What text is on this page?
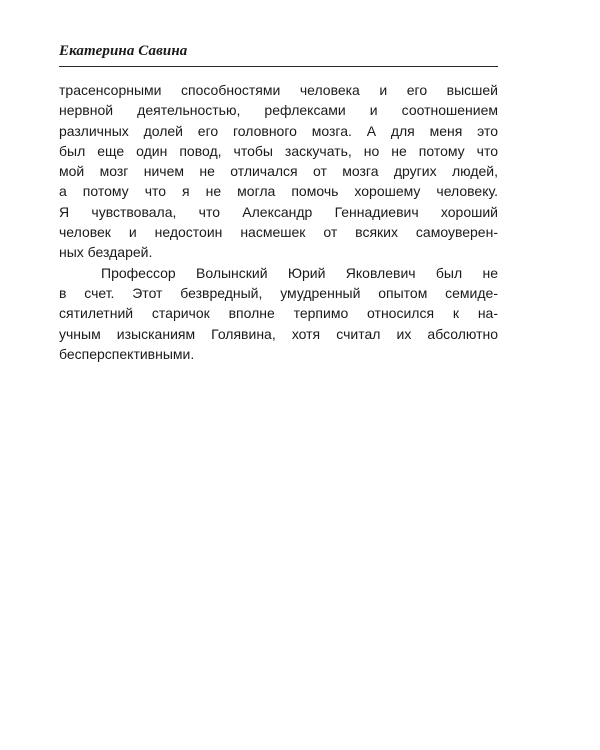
Екатерина Савина
трасенсорными способностями человека и его высшей
нервной деятельностью, рефлексами и соотношением
различных долей его головного мозга. А для меня это
был еще один повод, чтобы заскучать, но не потому что
мой мозг ничем не отличался от мозга других людей,
а потому что я не могла помочь хорошему человеку.
Я чувствовала, что Александр Геннадиевич хороший
человек и недостоин насмешек от всяких самоуверен-
ных бездарей.
Профессор Волынский Юрий Яковлевич был не
в счет. Этот безвредный, умудренный опытом семиде-
сятилетний старичок вполне терпимо относился к на-
учным изысканиям Голявина, хотя считал их абсолютно
бесперспективными.
